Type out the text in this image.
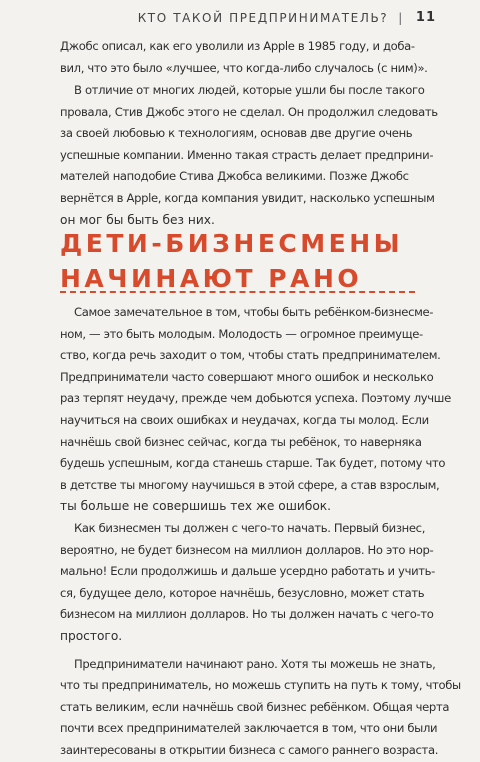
КТО ТАКОЙ ПРЕДПРИНИМАТЕЛЬ? | 11
Джобс описал, как его уволили из Apple в 1985 году, и доба-
вил, что это было «лучшее, что когда-либо случалось (с ним)».
В отличие от многих людей, которые ушли бы после такого
провала, Стив Джобс этого не сделал. Он продолжил следовать
за своей любовью к технологиям, основав две другие очень
успешные компании. Именно такая страсть делает предприни-
мателей наподобие Стива Джобса великими. Позже Джобс
вернётся в Apple, когда компания увидит, насколько успешным
он мог бы быть без них.
ДЕТИ-БИЗНЕСМЕНЫ
НАЧИНАЮТ РАНО
Самое замечательное в том, чтобы быть ребёнком-бизнесме-
ном, — это быть молодым. Молодость — огромное преимуще-
ство, когда речь заходит о том, чтобы стать предпринимателем.
Предприниматели часто совершают много ошибок и несколько
раз терпят неудачу, прежде чем добьются успеха. Поэтому лучше
научиться на своих ошибках и неудачах, когда ты молод. Если
начнёшь свой бизнес сейчас, когда ты ребёнок, то наверняка
будешь успешным, когда станешь старше. Так будет, потому что
в детстве ты многому научишься в этой сфере, а став взрослым,
ты больше не совершишь тех же ошибок.
Как бизнесмен ты должен с чего-то начать. Первый бизнес,
вероятно, не будет бизнесом на миллион долларов. Но это нор-
мально! Если продолжишь и дальше усердно работать и учить-
ся, будущее дело, которое начнёшь, безусловно, может стать
бизнесом на миллион долларов. Но ты должен начать с чего-то
простого.
Предприниматели начинают рано. Хотя ты можешь не знать,
что ты предприниматель, но можешь ступить на путь к тому, чтобы
стать великим, если начнёшь свой бизнес ребёнком. Общая черта
почти всех предпринимателей заключается в том, что они были
заинтересованы в открытии бизнеса с самого раннего возраста.
